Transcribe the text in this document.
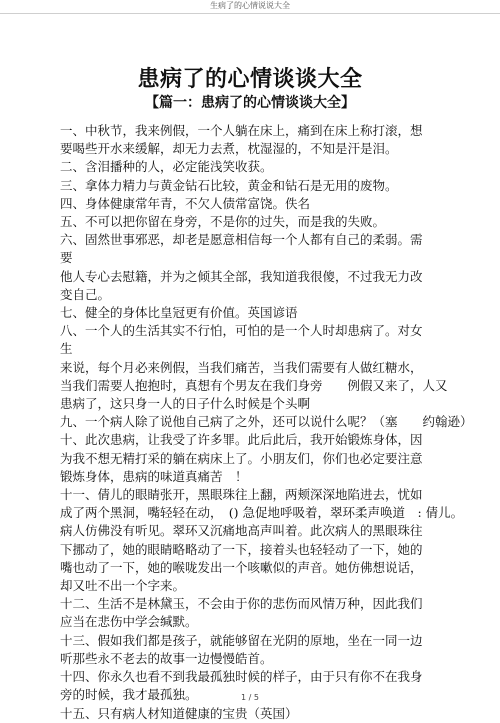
生病了的心情说说大全
患病了的心情谈谈大全
【篇一：患病了的心情谈谈大全】

一、中秋节，我来例假，一个人躺在床上，痛到在床上称打滚，想

要喝些开水来缓解，却无力去煮，枕湿湿的，不知是汗是泪。

二、含泪播种的人，必定能浅笑收获。

三、拿体力精力与黄金钻石比较，黄金和钻石是无用的废物。

四、身体健康常年青，不欠人债常富饶。佚名

五、不可以把你留在身旁，不是你的过失，而是我的失败。

六、固然世事邪恶，却老是愿意相信每一个人都有自己的柔弱。需

要

他人专心去慰籍，并为之倾其全部，我知道我很傻，不过我无力改

变自己。

七、健全的身体比皇冠更有价值。英国谚语

八、一个人的生活其实不行怕，可怕的是一个人时却患病了。对女

生

来说，每个月必来例假，当我们痛苦，当我们需要有人做红糖水，

当我们需要人抱抱时，真想有个男友在我们身旁　　例假又来了，人又

患病了，这只身一人的日子什么时候是个头啊

九、一个病人除了说他自己病了之外，还可以说什么呢？（塞　　约翰逊）

十、此次患病，让我受了许多罪。此后此后，我开始锻炼身体，因

为我不想无精打采的躺在病床上了。小朋友们，你们也必定要注意

锻炼身体，患病的味道真痛苦　！

十一、倩儿的眼睛张开，黑眼珠往上翻，两颊深深地陷进去，忧如

成了两个黑洞，嘴轻轻在动，　() 急促地呼吸着，翠环柔声唤道　: 倩儿。

病人仿佛没有听见。翠环又沉痛地高声叫着。此次病人的黑眼珠往

下挪动了，她的眼睛略略动了一下，接着头也轻轻动了一下，她的

嘴也动了一下，她的喉咙发出一个咳嗽似的声音。她仿佛想说话，

却又吐不出一个字来。

十二、生活不是林黛玉，不会由于你的悲伤而风情万种，因此我们

应当在悲伤中学会缄默。

十三、假如我们都是孩子，就能够留在光阴的原地，坐在一同一边

听那些永不老去的故事一边慢慢皓首。

十四、你永久也看不到我最孤独时候的样子，由于只有你不在我身

旁的时候，我才最孤独。

十五、只有病人材知道健康的宝贵（英国）

1 / 5
